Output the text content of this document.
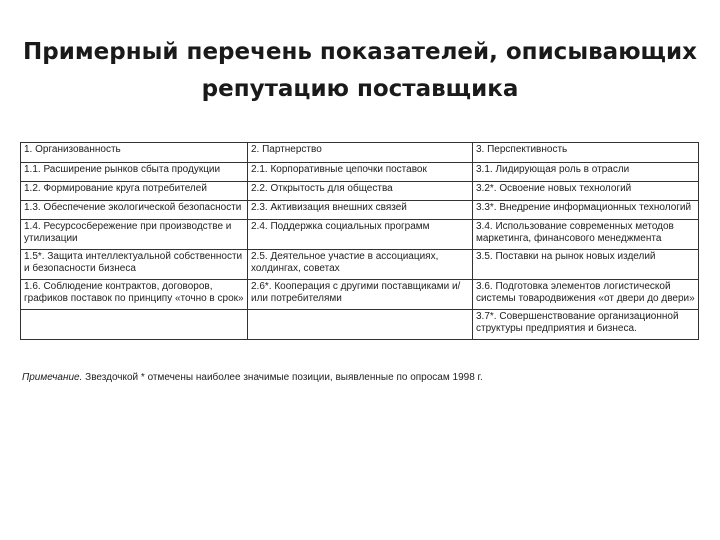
Примерный перечень показателей, описывающих
репутацию поставщика
1. Организованность	2. Партнерство	3. Перспективность
1.1. Расширение рынков сбыта продукции	2.1. Корпоративные цепочки поставок	3.1. Лидирующая роль в отрасли
1.2. Формирование круга потребителей	2.2. Открытость для общества	3.2*. Освоение новых технологий
1.3. Обеспечение экологической безопасности	2.3. Активизация внешних связей	3.3*. Внедрение информационных технологий
1.4. Ресурсосбережение при производстве и утилизации	2.4. Поддержка социальных программ	3.4. Использование современных методов маркетинга, финансового менеджмента
1.5*. Защита интеллектуальной собственности и безопасности бизнеса	2.5. Деятельное участие в ассоциациях, холдингах, советах	3.5. Поставки на рынок новых изделий
1.6. Соблюдение контрактов, договоров, графиков поставок по принципу «точно в срок»	2.6*. Кооперация с другими поставщиками и/или потребителями	3.6. Подготовка элементов логистической системы товародвижения «от двери до двери»
		3.7*. Совершенствование организационной структуры предприятия и бизнеса.
Примечание. Звездочкой * отмечены наиболее значимые позиции, выявленные по опросам 1998 г.
